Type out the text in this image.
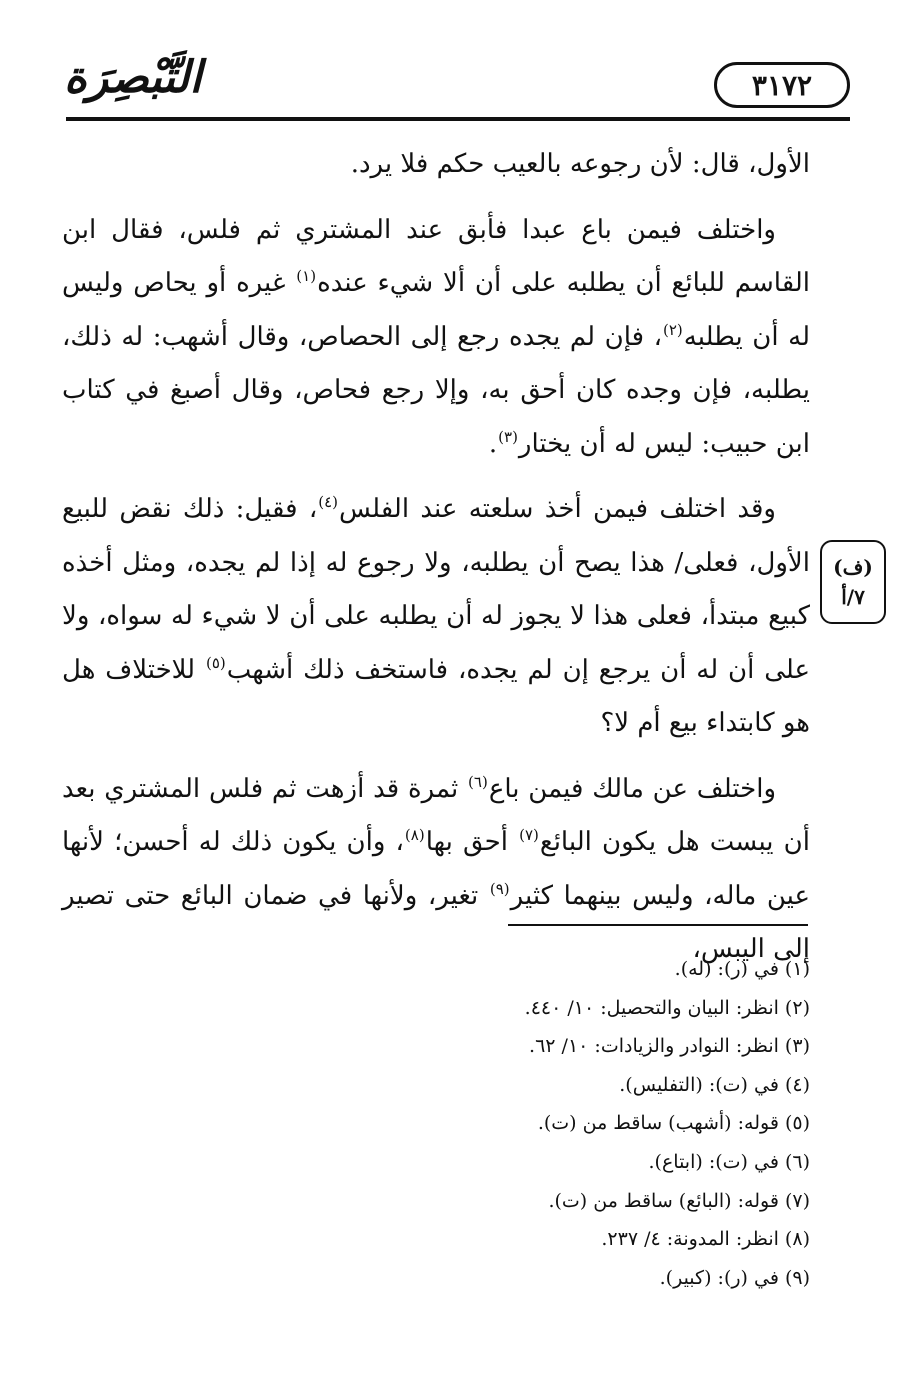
٣١٧٢
التَّبْصِرَة

الأول، قال: لأن رجوعه بالعيب حكم فلا يرد.

واختلف فيمن باع عبدا فأبق عند المشتري ثم فلس، فقال ابن القاسم للبائع أن يطلبه على أن ألا شيء عنده$^{(١)}$ غيره أو يحاص وليس له أن يطلبه$^{(٢)}$، فإن لم يجده رجع إلى الحصاص، وقال أشهب: له ذلك، يطلبه، فإن وجده كان أحق به، وإلا رجع فحاص، وقال أصبغ في كتاب ابن حبيب: ليس له أن يختار$^{(٣)}$.

وقد اختلف فيمن أخذ سلعته عند الفلس$^{(٤)}$، فقيل: ذلك نقض للبيع الأول، فعلى/ هذا يصح أن يطلبه، ولا رجوع له إذا لم يجده، ومثل أخذه كبيع مبتدأ، فعلى هذا لا يجوز له أن يطلبه على أن لا شيء له سواه، ولا على أن له أن يرجع إن لم يجده، فاستخف ذلك أشهب$^{(٥)}$ للاختلاف هل هو كابتداء بيع أم لا؟

واختلف عن مالك فيمن باع$^{(٦)}$ ثمرة قد أزهت ثم فلس المشتري بعد أن يبست هل يكون البائع$^{(٧)}$ أحق بها$^{(٨)}$، وأن يكون ذلك له أحسن؛ لأنها عين ماله، وليس بينهما كثير$^{(٩)}$ تغير، ولأنها في ضمان البائع حتى تصير إلى اليبس،

(ف)
٧/أ
(١) في (ر): (له).
(٢) انظر: البيان والتحصيل: ١٠/ ٤٤٠.
(٣) انظر: النوادر والزيادات: ١٠/ ٦٢.
(٤) في (ت): (التفليس).
(٥) قوله: (أشهب) ساقط من (ت).
(٦) في (ت): (ابتاع).
(٧) قوله: (البائع) ساقط من (ت).
(٨) انظر: المدونة: ٤/ ٢٣٧.
(٩) في (ر): (كبير).
